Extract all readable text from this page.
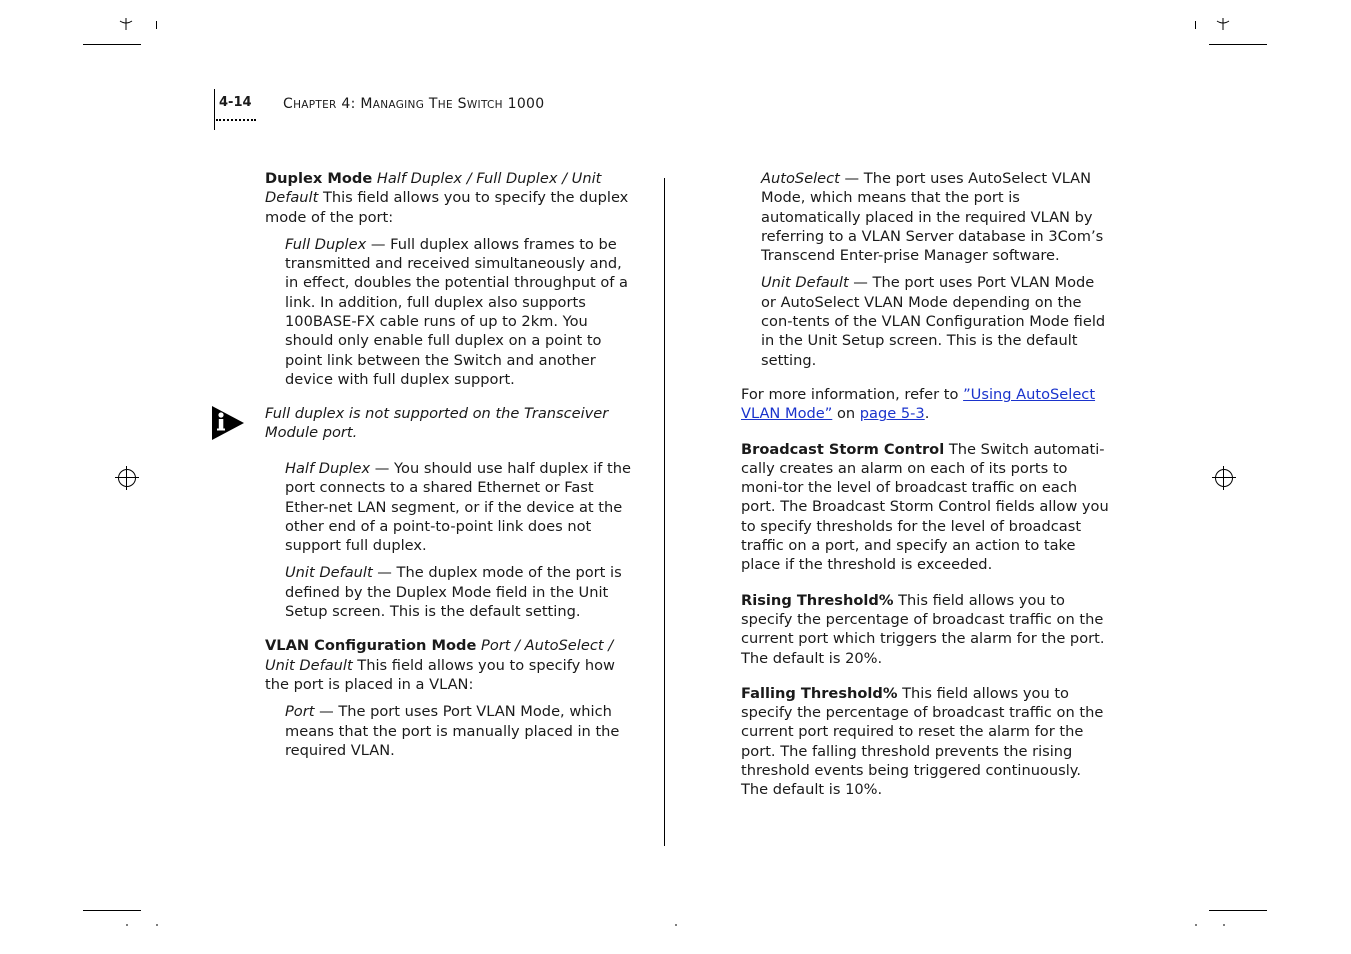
4-14 CHAPTER 4: MANAGING THE SWITCH 1000

Duplex Mode Half Duplex / Full Duplex / Unit Default This field allows you to specify the duplex mode of the port:

Full Duplex — Full duplex allows frames to be transmitted and received simultaneously and, in effect, doubles the potential throughput of a link. In addition, full duplex also supports 100BASE-FX cable runs of up to 2km. You should only enable full duplex on a point to point link between the Switch and another device with full duplex support.

Full duplex is not supported on the Transceiver Module port.

Half Duplex — You should use half duplex if the port connects to a shared Ethernet or Fast Ether-net LAN segment, or if the device at the other end of a point-to-point link does not support full duplex.

Unit Default — The duplex mode of the port is defined by the Duplex Mode field in the Unit Setup screen. This is the default setting.

VLAN Configuration Mode Port / AutoSelect / Unit Default This field allows you to specify how the port is placed in a VLAN:

Port — The port uses Port VLAN Mode, which means that the port is manually placed in the required VLAN.

AutoSelect — The port uses AutoSelect VLAN Mode, which means that the port is automatically placed in the required VLAN by referring to a VLAN Server database in 3Com’s Transcend Enter-prise Manager software.

Unit Default — The port uses Port VLAN Mode or AutoSelect VLAN Mode depending on the con-tents of the VLAN Configuration Mode field in the Unit Setup screen. This is the default setting.

For more information, refer to ”Using AutoSelect VLAN Mode” on page 5-3.

Broadcast Storm Control The Switch automati-cally creates an alarm on each of its ports to moni-tor the level of broadcast traffic on each port. The Broadcast Storm Control fields allow you to specify thresholds for the level of broadcast traffic on a port, and specify an action to take place if the threshold is exceeded.

Rising Threshold% This field allows you to specify the percentage of broadcast traffic on the current port which triggers the alarm for the port. The default is 20%.

Falling Threshold% This field allows you to specify the percentage of broadcast traffic on the current port required to reset the alarm for the port. The falling threshold prevents the rising threshold events being triggered continuously. The default is 10%.
